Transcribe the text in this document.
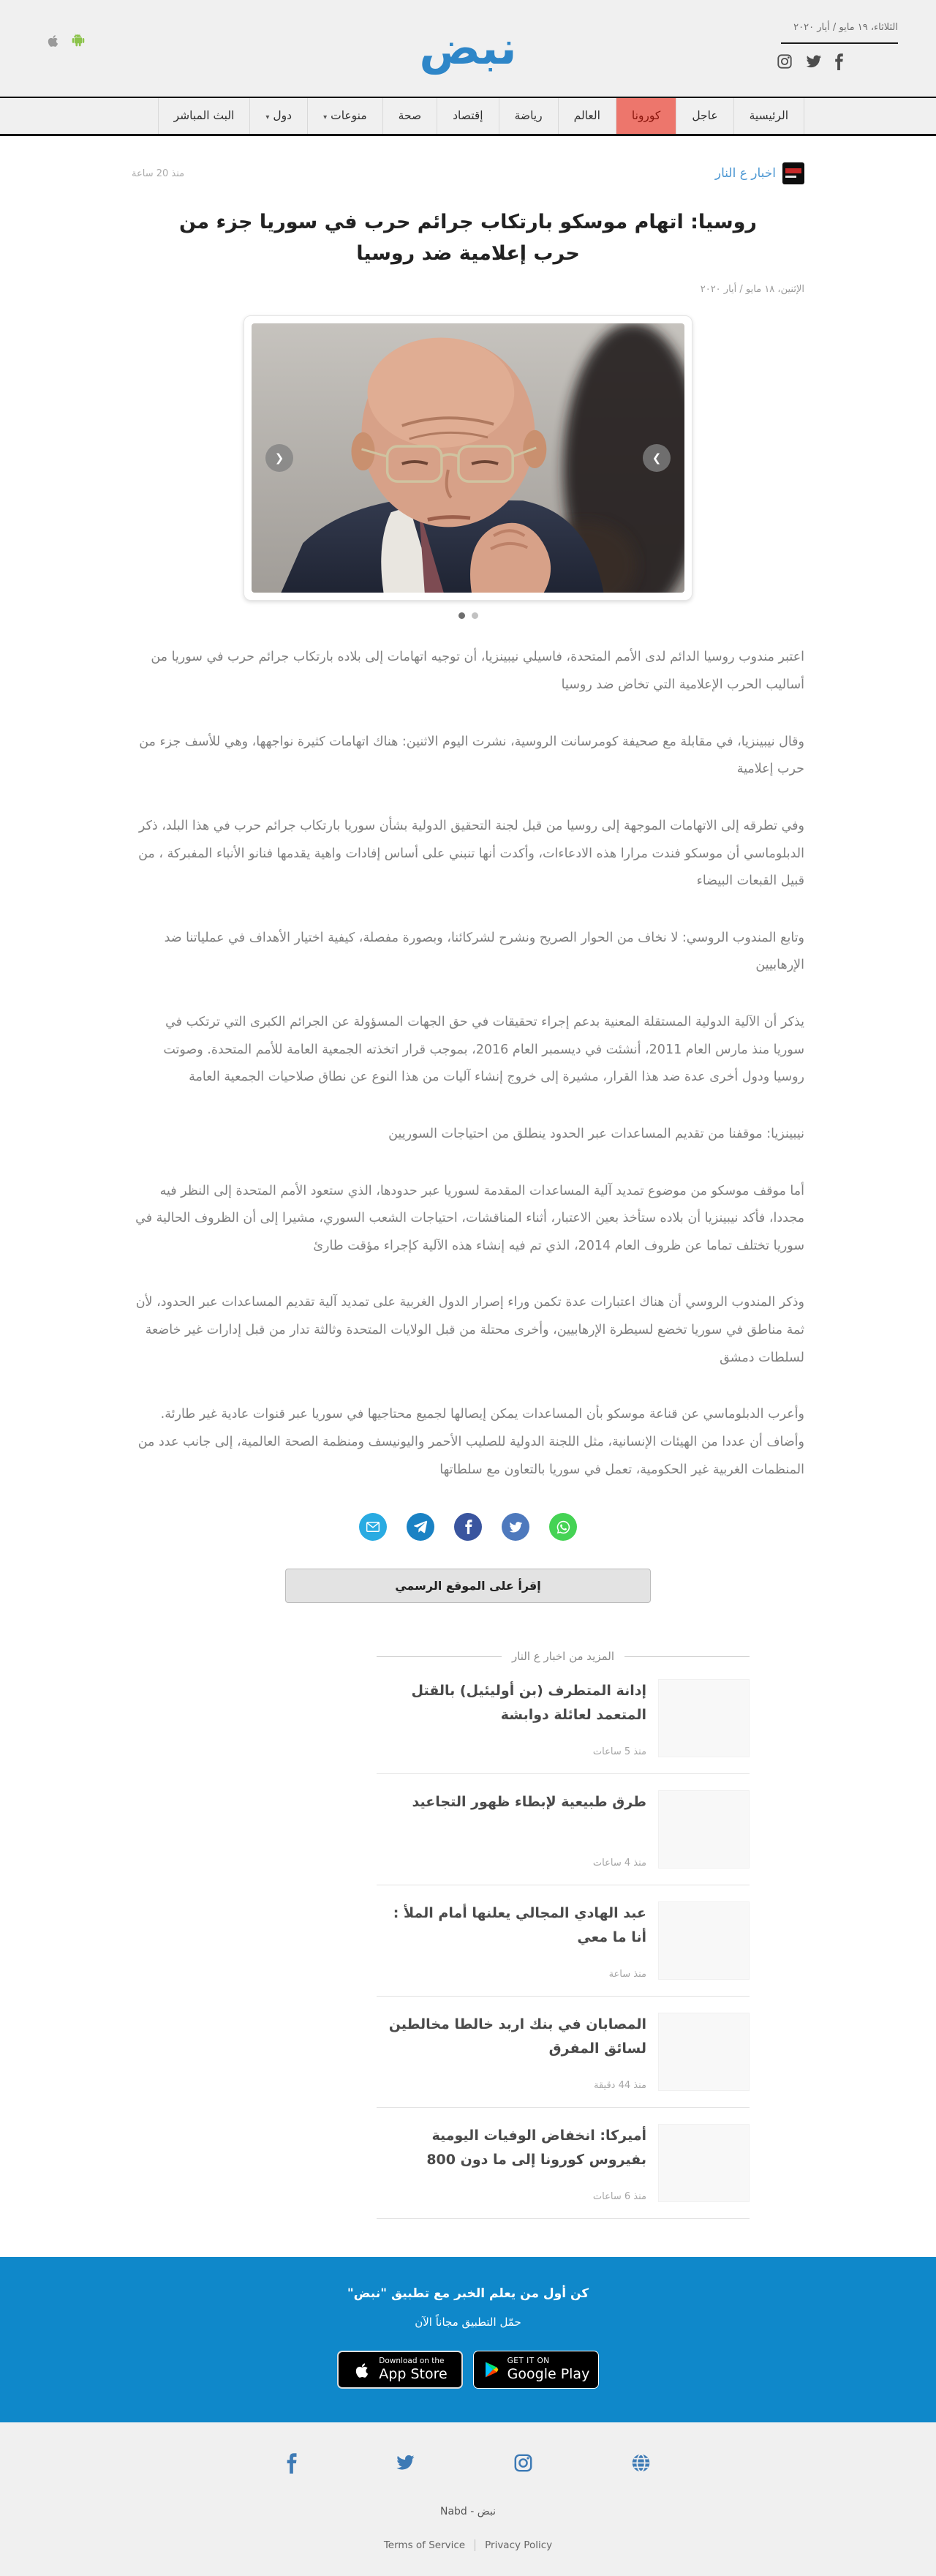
نبض	الثلاثاء، ١٩ مايو / أيار ٢٠٢٠
الرئيسية
عاجل
كورونا
العالم
رياضة
إقتصاد
صحة
منوعات▾
دول▾
البث المباشر
اخبار ع النار
منذ 20 ساعة
روسيا: اتهام موسكو بارتكاب جرائم حرب في سوريا جزء من حرب إعلامية ضد روسيا
الإثنين، ١٨ مايو / أيار ٢٠٢٠
❮	❯

اعتبر مندوب روسيا الدائم لدى الأمم المتحدة، فاسيلي نيبينزيا، أن توجيه اتهامات إلى بلاده بارتكاب جرائم حرب في سوريا من أساليب الحرب الإعلامية التي تخاض ضد روسيا

وقال نيبينزيا، في مقابلة مع صحيفة كومرسانت الروسية، نشرت اليوم الاثنين: هناك اتهامات كثيرة نواجهها، وهي للأسف جزء من حرب إعلامية

وفي تطرقه إلى الاتهامات الموجهة إلى روسيا من قبل لجنة التحقيق الدولية بشأن سوريا بارتكاب جرائم حرب في هذا البلد، ذكر الدبلوماسي أن موسكو فندت مرارا هذه الادعاءات، وأكدت أنها تنبني على أساس إفادات واهية يقدمها فنانو الأنباء المفبركة ، من قبيل القبعات البيضاء

وتابع المندوب الروسي: لا نخاف من الحوار الصريح ونشرح لشركائنا، وبصورة مفصلة، كيفية اختيار الأهداف في عملياتنا ضد الإرهابيين

يذكر أن الآلية الدولية المستقلة المعنية بدعم إجراء تحقيقات في حق الجهات المسؤولة عن الجرائم الكبرى التي ترتكب في سوريا منذ مارس العام 2011، أنشئت في ديسمبر العام 2016، بموجب قرار اتخذته الجمعية العامة للأمم المتحدة. وصوتت روسيا ودول أخرى عدة ضد هذا القرار، مشيرة إلى خروج إنشاء آليات من هذا النوع عن نطاق صلاحيات الجمعية العامة

نيبينزيا: موقفنا من تقديم المساعدات عبر الحدود ينطلق من احتياجات السوريين

أما موقف موسكو من موضوع تمديد آلية المساعدات المقدمة لسوريا عبر حدودها، الذي ستعود الأمم المتحدة إلى النظر فيه مجددا، فأكد نيبينزيا أن بلاده ستأخذ بعين الاعتبار، أثناء المناقشات، احتياجات الشعب السوري، مشيرا إلى أن الظروف الحالية في سوريا تختلف تماما عن ظروف العام 2014، الذي تم فيه إنشاء هذه الآلية كإجراء مؤقت طارئ

وذكر المندوب الروسي أن هناك اعتبارات عدة تكمن وراء إصرار الدول الغربية على تمديد آلية تقديم المساعدات عبر الحدود، لأن ثمة مناطق في سوريا تخضع لسيطرة الإرهابيين، وأخرى محتلة من قبل الولايات المتحدة وثالثة تدار من قبل إدارات غير خاضعة لسلطات دمشق

وأعرب الدبلوماسي عن قناعة موسكو بأن المساعدات يمكن إيصالها لجميع محتاجيها في سوريا عبر قنوات عادية غير طارئة. وأضاف أن عددا من الهيئات الإنسانية، مثل اللجنة الدولية للصليب الأحمر واليونيسف ومنظمة الصحة العالمية، إلى جانب عدد من المنظمات الغربية غير الحكومية، تعمل في سوريا بالتعاون مع سلطاتها

إقرأ على الموقع الرسمي
المزيد من اخبار ع النار
إدانة المتطرف (بن أوليئيل) بالقتل المتعمد لعائلة دوابشة
منذ 5 ساعات
طرق طبيعية لإبطاء ظهور التجاعيد
منذ 4 ساعات
عبد الهادي المجالي يعلنها أمام الملأ : أنا ما معي
منذ ساعة
المصابان في بنك اربد خالطا مخالطين لسائق المفرق
منذ 44 دقيقة
أميركا: انخفاض الوفيات اليومية بفيروس كورونا إلى ما دون 800
منذ 6 ساعات
كن أول من يعلم الخبر مع تطبيق "نبض"
حمّل التطبيق مجاناً الآن
Download on the
App Store
GET IT ON
Google Play
Nabd - نبض
Terms of Service Privacy Policy
